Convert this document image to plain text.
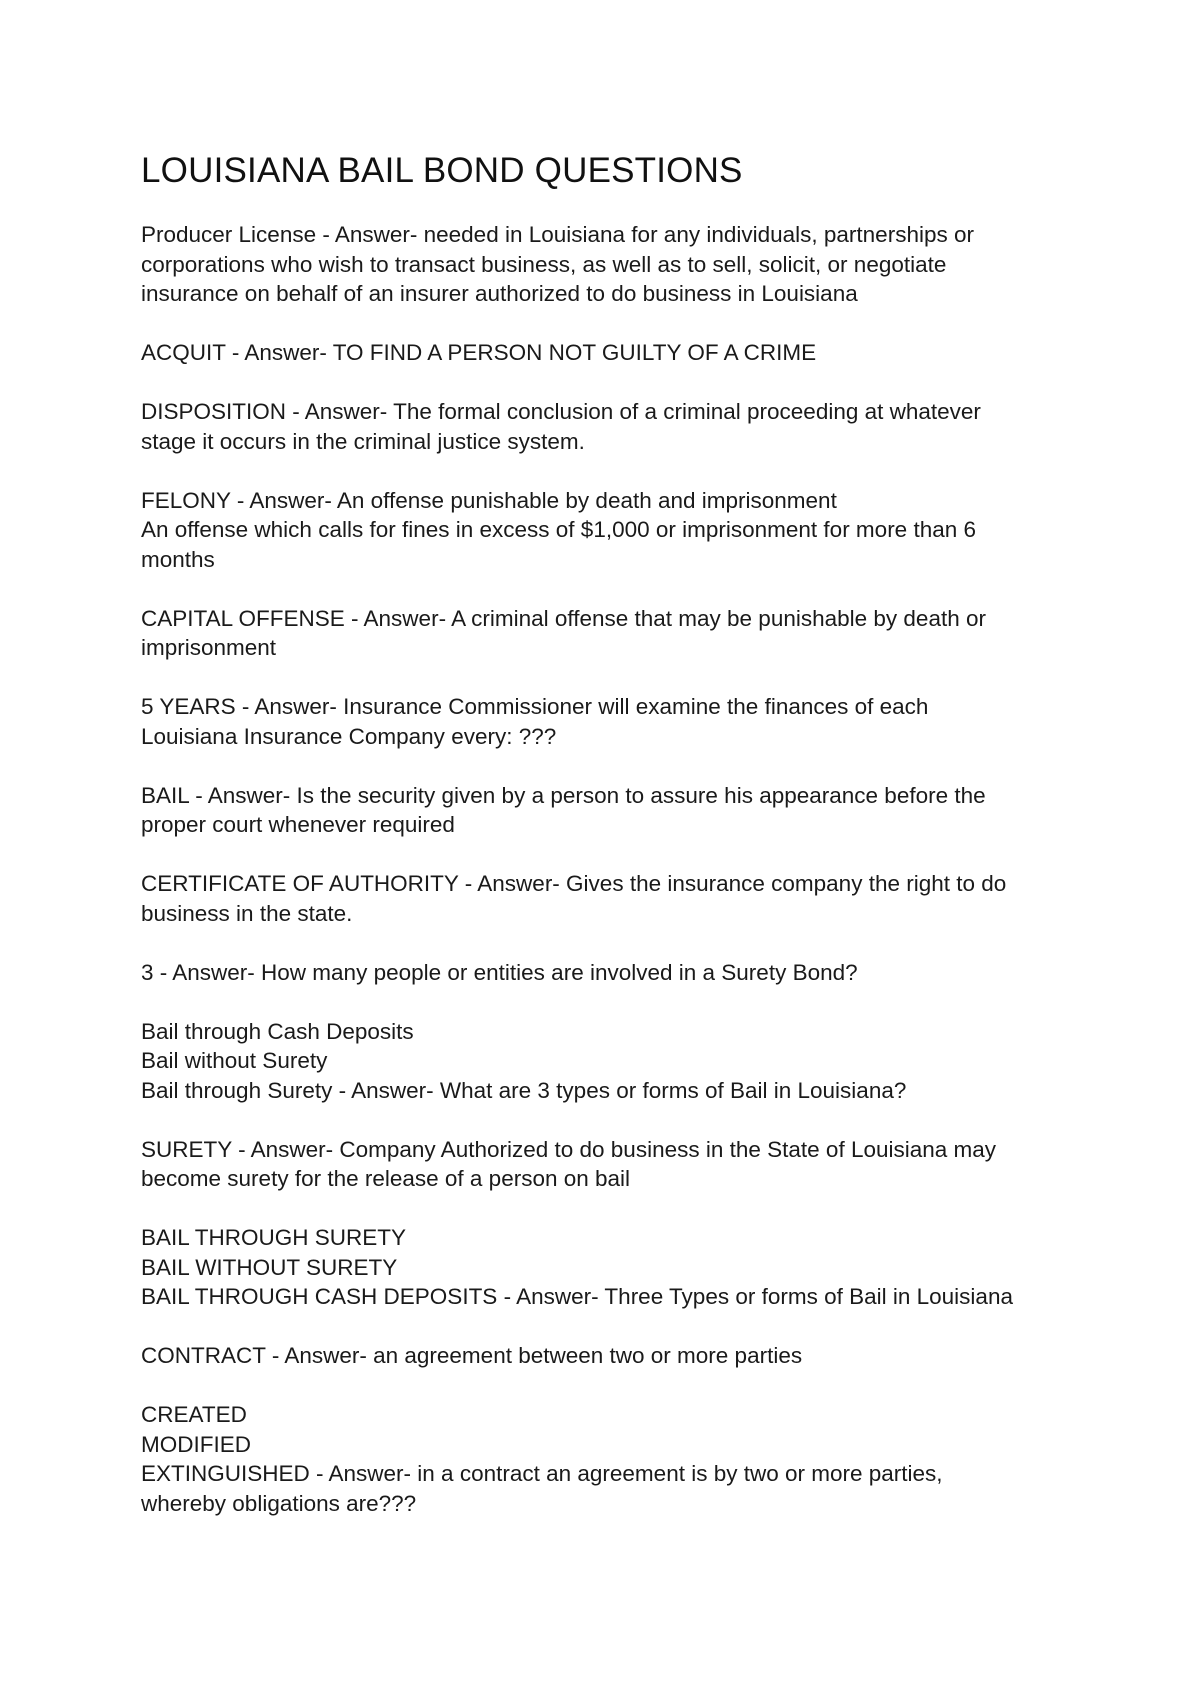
LOUISIANA BAIL BOND QUESTIONS
Producer License - Answer- needed in Louisiana for any individuals, partnerships or
corporations who wish to transact business, as well as to sell, solicit, or negotiate
insurance on behalf of an insurer authorized to do business in Louisiana
ACQUIT - Answer- TO FIND A PERSON NOT GUILTY OF A CRIME
DISPOSITION - Answer- The formal conclusion of a criminal proceeding at whatever
stage it occurs in the criminal justice system.
FELONY - Answer- An offense punishable by death and imprisonment
An offense which calls for fines in excess of $1,000 or imprisonment for more than 6
months
CAPITAL OFFENSE - Answer- A criminal offense that may be punishable by death or
imprisonment
5 YEARS - Answer- Insurance Commissioner will examine the finances of each
Louisiana Insurance Company every: ???
BAIL - Answer- Is the security given by a person to assure his appearance before the
proper court whenever required
CERTIFICATE OF AUTHORITY - Answer- Gives the insurance company the right to do
business in the state.
3 - Answer- How many people or entities are involved in a Surety Bond?
Bail through Cash Deposits
Bail without Surety
Bail through Surety - Answer- What are 3 types or forms of Bail in Louisiana?
SURETY - Answer- Company Authorized to do business in the State of Louisiana may
become surety for the release of a person on bail
BAIL THROUGH SURETY
BAIL WITHOUT SURETY
BAIL THROUGH CASH DEPOSITS - Answer- Three Types or forms of Bail in Louisiana
CONTRACT - Answer- an agreement between two or more parties
CREATED
MODIFIED
EXTINGUISHED - Answer- in a contract an agreement is by two or more parties,
whereby obligations are???
